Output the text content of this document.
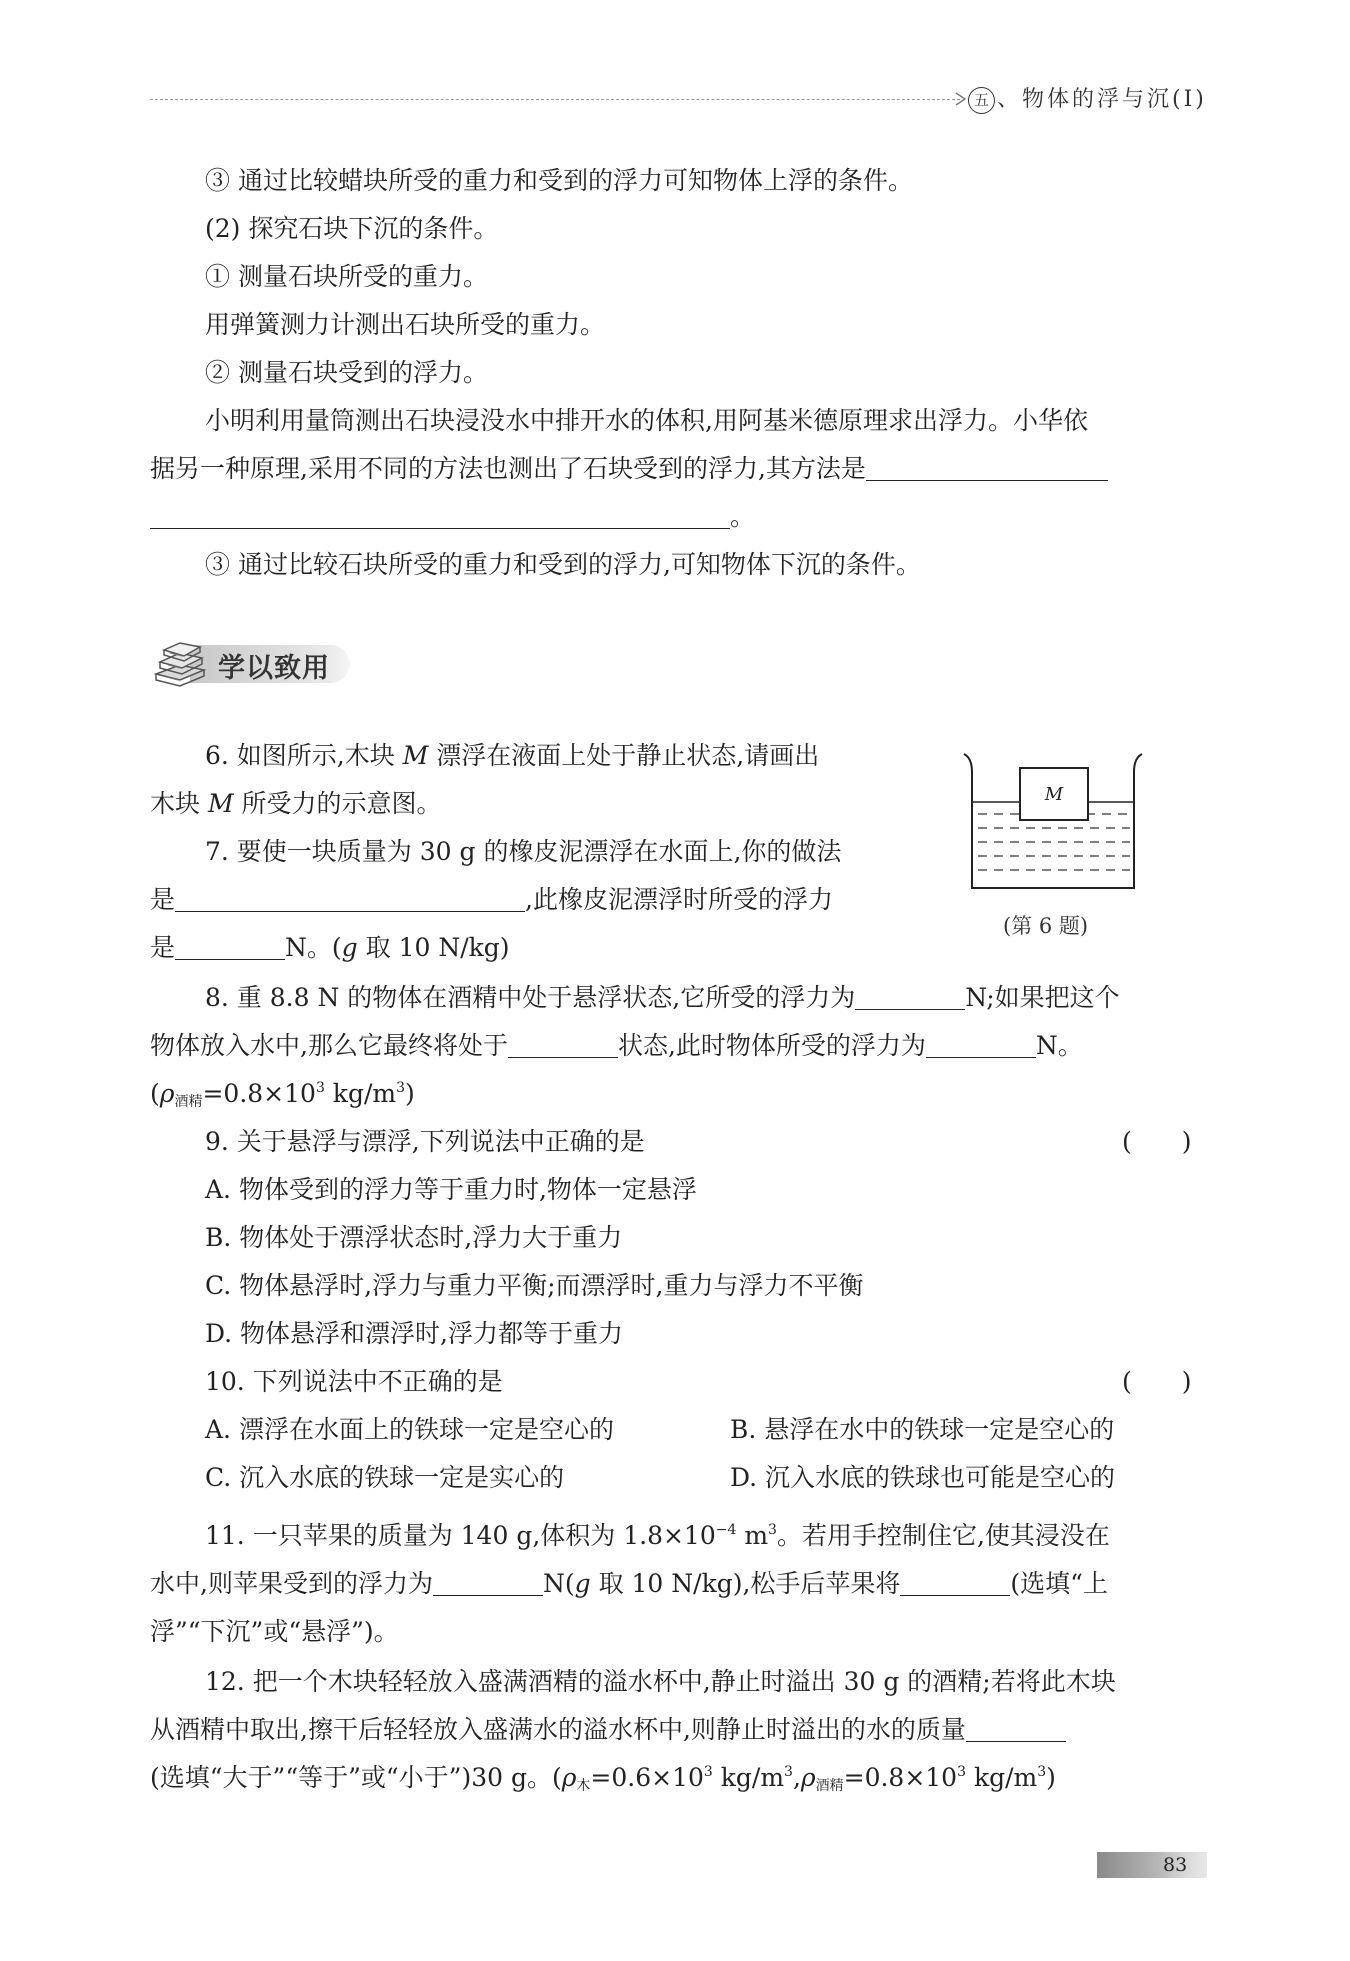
五 、物体的浮与沉(Ⅰ)
③ 通过比较蜡块所受的重力和受到的浮力可知物体上浮的条件。
(2) 探究石块下沉的条件。
① 测量石块所受的重力。
用弹簧测力计测出石块所受的重力。
② 测量石块受到的浮力。
小明利用量筒测出石块浸没水中排开水的体积,用阿基米德原理求出浮力。小华依
据另一种原理,采用不同的方法也测出了石块受到的浮力,其方法是
。
③ 通过比较石块所受的重力和受到的浮力,可知物体下沉的条件。
学以致用
6. 如图所示,木块 M 漂浮在液面上处于静止状态,请画出
木块 M 所受力的示意图。	M
(第 6 题)
7. 要使一块质量为 30 g 的橡皮泥漂浮在水面上,你的做法
是	,此橡皮泥漂浮时所受的浮力
是	N。(g 取 10 N/kg)
8. 重 8.8 N 的物体在酒精中处于悬浮状态,它所受的浮力为	N;如果把这个
物体放入水中,那么它最终将处于	状态,此时物体所受的浮力为	N。
($\rho_{酒精}=0.8\times 10^3$ $kg/m^3$)
9. 关于悬浮与漂浮,下列说法中正确的是	(　　)
A. 物体受到的浮力等于重力时,物体一定悬浮
B. 物体处于漂浮状态时,浮力大于重力
C. 物体悬浮时,浮力与重力平衡;而漂浮时,重力与浮力不平衡
D. 物体悬浮和漂浮时,浮力都等于重力
10. 下列说法中不正确的是	(　　)
A. 漂浮在水面上的铁球一定是空心的	B. 悬浮在水中的铁球一定是空心的
C. 沉入水底的铁球一定是实心的	D. 沉入水底的铁球也可能是空心的
11. 一只苹果的质量为 140 g,体积为 $1.8\times 10^{-4}$ $m^3$。若用手控制住它,使其浸没在
水中,则苹果受到的浮力为	N(g 取 10 N/kg),松手后苹果将	(选填“上
浮”“下沉”或“悬浮”)。
12. 把一个木块轻轻放入盛满酒精的溢水杯中,静止时溢出 30 g 的酒精;若将此木块
从酒精中取出,擦干后轻轻放入盛满水的溢水杯中,则静止时溢出的水的质量
(选填“大于”“等于”或“小于”)30 g。($\rho_木=0.6\times 10^3$ $kg/m^3,\rho_{酒精}=0.8\times 10^3$ $kg/m^3$)
83
